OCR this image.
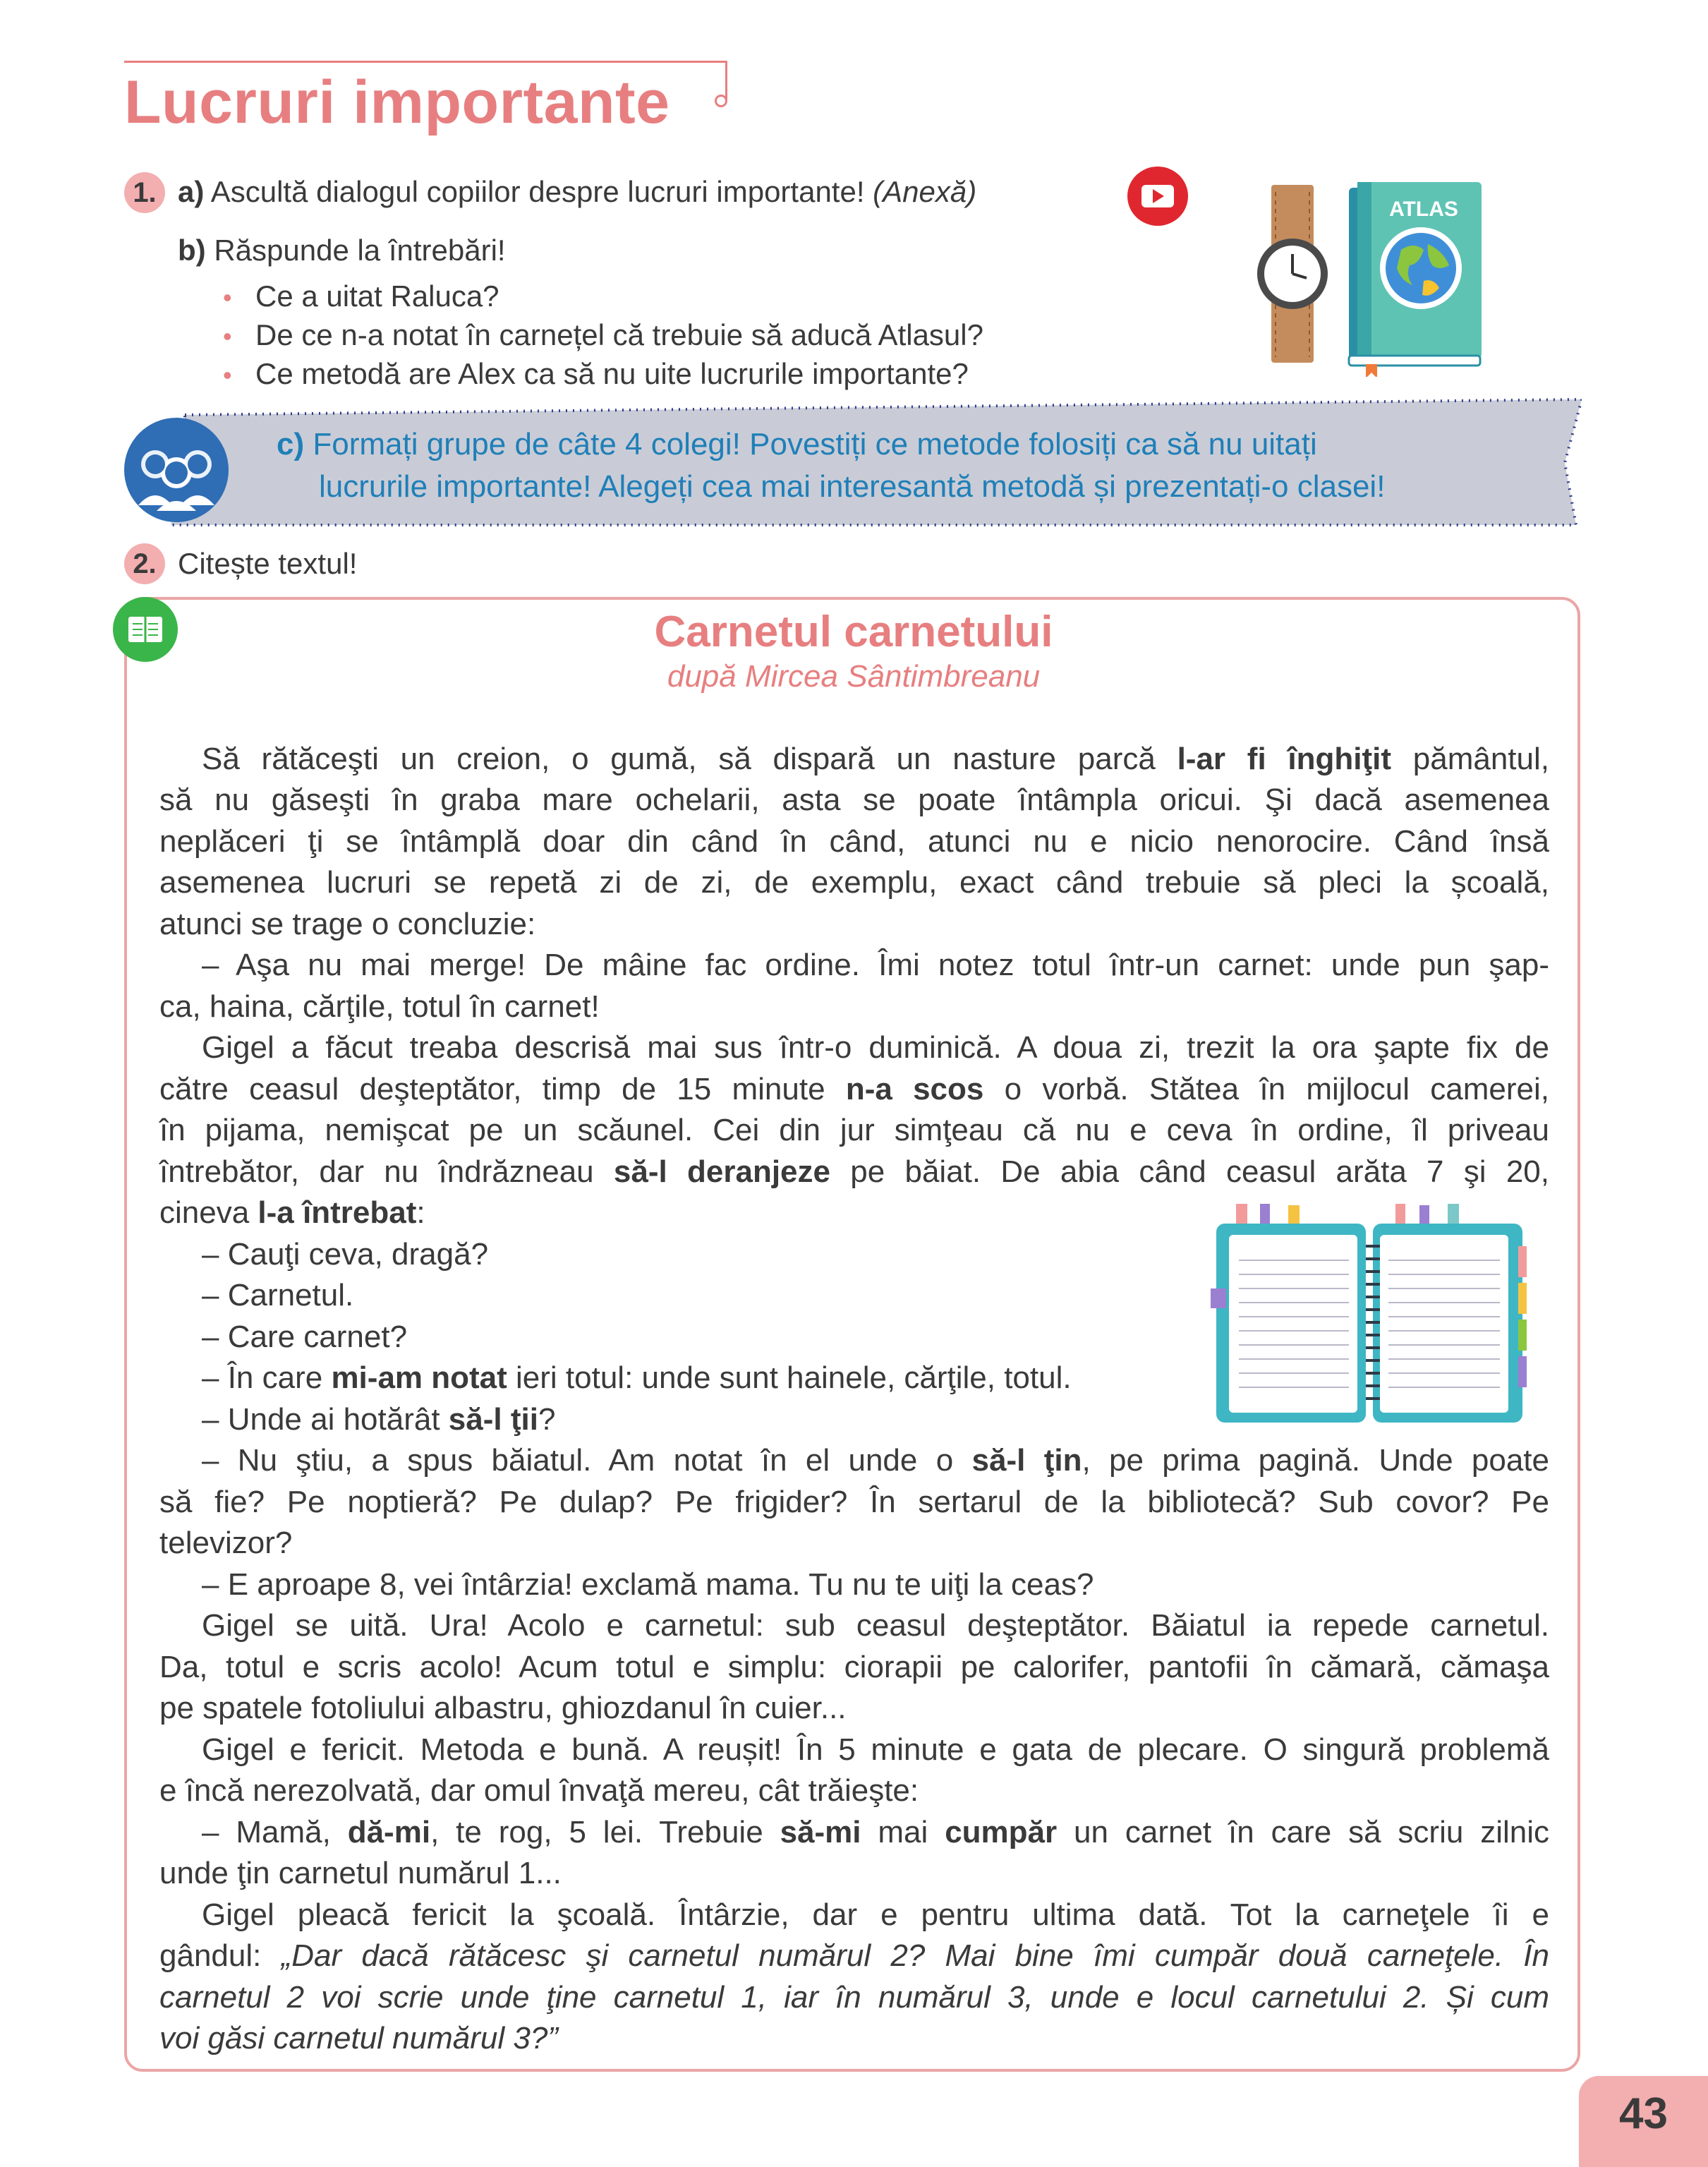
Lucruri importante
1. a) Ascultă dialogul copiilor despre lucruri importante! (Anexă)
b) Răspunde la întrebări!
• Ce a uitat Raluca?
• De ce n-a notat în carnețel că trebuie să aducă Atlasul?
• Ce metodă are Alex ca să nu uite lucrurile importante?
ATLAS
c) Formați grupe de câte 4 colegi! Povestiți ce metode folosiți ca să nu uitați
lucrurile importante! Alegeți cea mai interesantă metodă și prezentați-o clasei!
2. Citește textul!
Carnetul carnetului
după Mircea Sântimbreanu
Să rătăceşti un creion, o gumă, să dispară un nasture parcă l-ar fi înghiţit pământul,
să nu găseşti în graba mare ochelarii, asta se poate întâmpla oricui. Şi dacă asemenea
neplăceri ţi se întâmplă doar din când în când, atunci nu e nicio nenorocire. Când însă
asemenea lucruri se repetă zi de zi, de exemplu, exact când trebuie să pleci la școală,
atunci se trage o concluzie:
– Aşa nu mai merge! De mâine fac ordine. Îmi notez totul într-un carnet: unde pun şap-
ca, haina, cărţile, totul în carnet!
Gigel a făcut treaba descrisă mai sus într-o duminică. A doua zi, trezit la ora şapte fix de
către ceasul deşteptător, timp de 15 minute n-a scos o vorbă. Stătea în mijlocul camerei,
în pijama, nemişcat pe un scăunel. Cei din jur simţeau că nu e ceva în ordine, îl priveau
întrebător, dar nu îndrăzneau să-l deranjeze pe băiat. De abia când ceasul arăta 7 şi 20,
cineva l-a întrebat:
– Cauţi ceva, dragă?
– Carnetul.
– Care carnet?
– În care mi-am notat ieri totul: unde sunt hainele, cărţile, totul.
– Unde ai hotărât să-l ţii?
– Nu ştiu, a spus băiatul. Am notat în el unde o să-l ţin, pe prima pagină. Unde poate
să fie? Pe noptieră? Pe dulap? Pe frigider? În sertarul de la bibliotecă? Sub covor? Pe
televizor?
– E aproape 8, vei întârzia! exclamă mama. Tu nu te uiţi la ceas?
Gigel se uită. Ura! Acolo e carnetul: sub ceasul deşteptător. Băiatul ia repede carnetul.
Da, totul e scris acolo! Acum totul e simplu: ciorapii pe calorifer, pantofii în cămară, cămaşa
pe spatele fotoliului albastru, ghiozdanul în cuier...
Gigel e fericit. Metoda e bună. A reușit! În 5 minute e gata de plecare. O singură problemă
e încă nerezolvată, dar omul învaţă mereu, cât trăieşte:
– Mamă, dă-mi, te rog, 5 lei. Trebuie să-mi mai cumpăr un carnet în care să scriu zilnic
unde ţin carnetul numărul 1...
Gigel pleacă fericit la şcoală. Întârzie, dar e pentru ultima dată. Tot la carneţele îi e
gândul: „Dar dacă rătăcesc şi carnetul numărul 2? Mai bine îmi cumpăr două carneţele. În
carnetul 2 voi scrie unde ţine carnetul 1, iar în numărul 3, unde e locul carnetului 2. Și cum
voi găsi carnetul numărul 3?”
43
